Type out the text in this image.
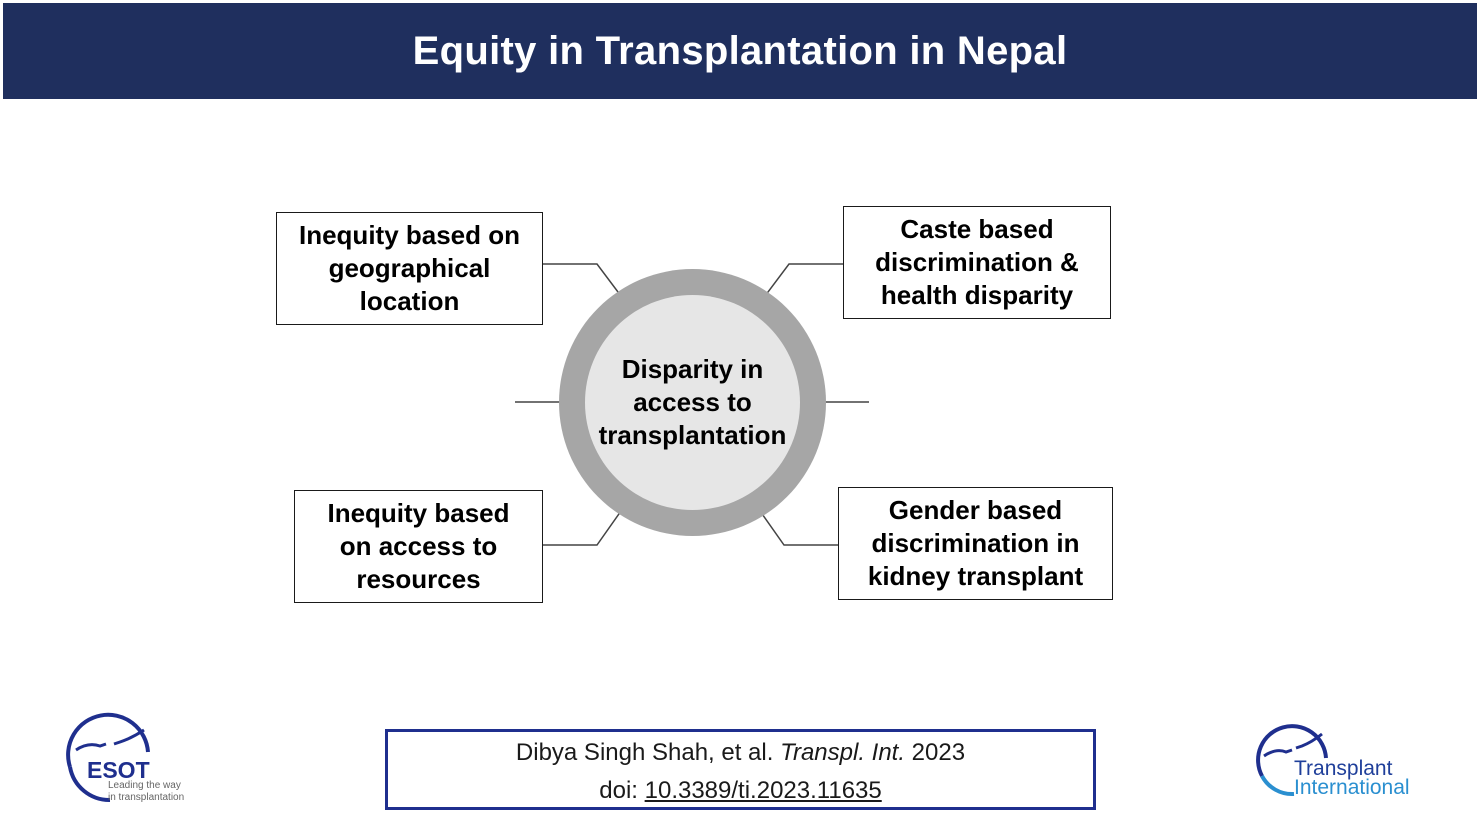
Equity in Transplantation in Nepal
Disparity in
access to
transplantation
Inequity based on
geographical
location
Caste based
discrimination &
health disparity
Inequity based
on access to
resources
Gender based
discrimination in
kidney transplant
Dibya Singh Shah, et al. Transpl. Int. 2023
doi: 10.3389/ti.2023.11635
ESOT
Leading the way
in transplantation
Transplant
International
